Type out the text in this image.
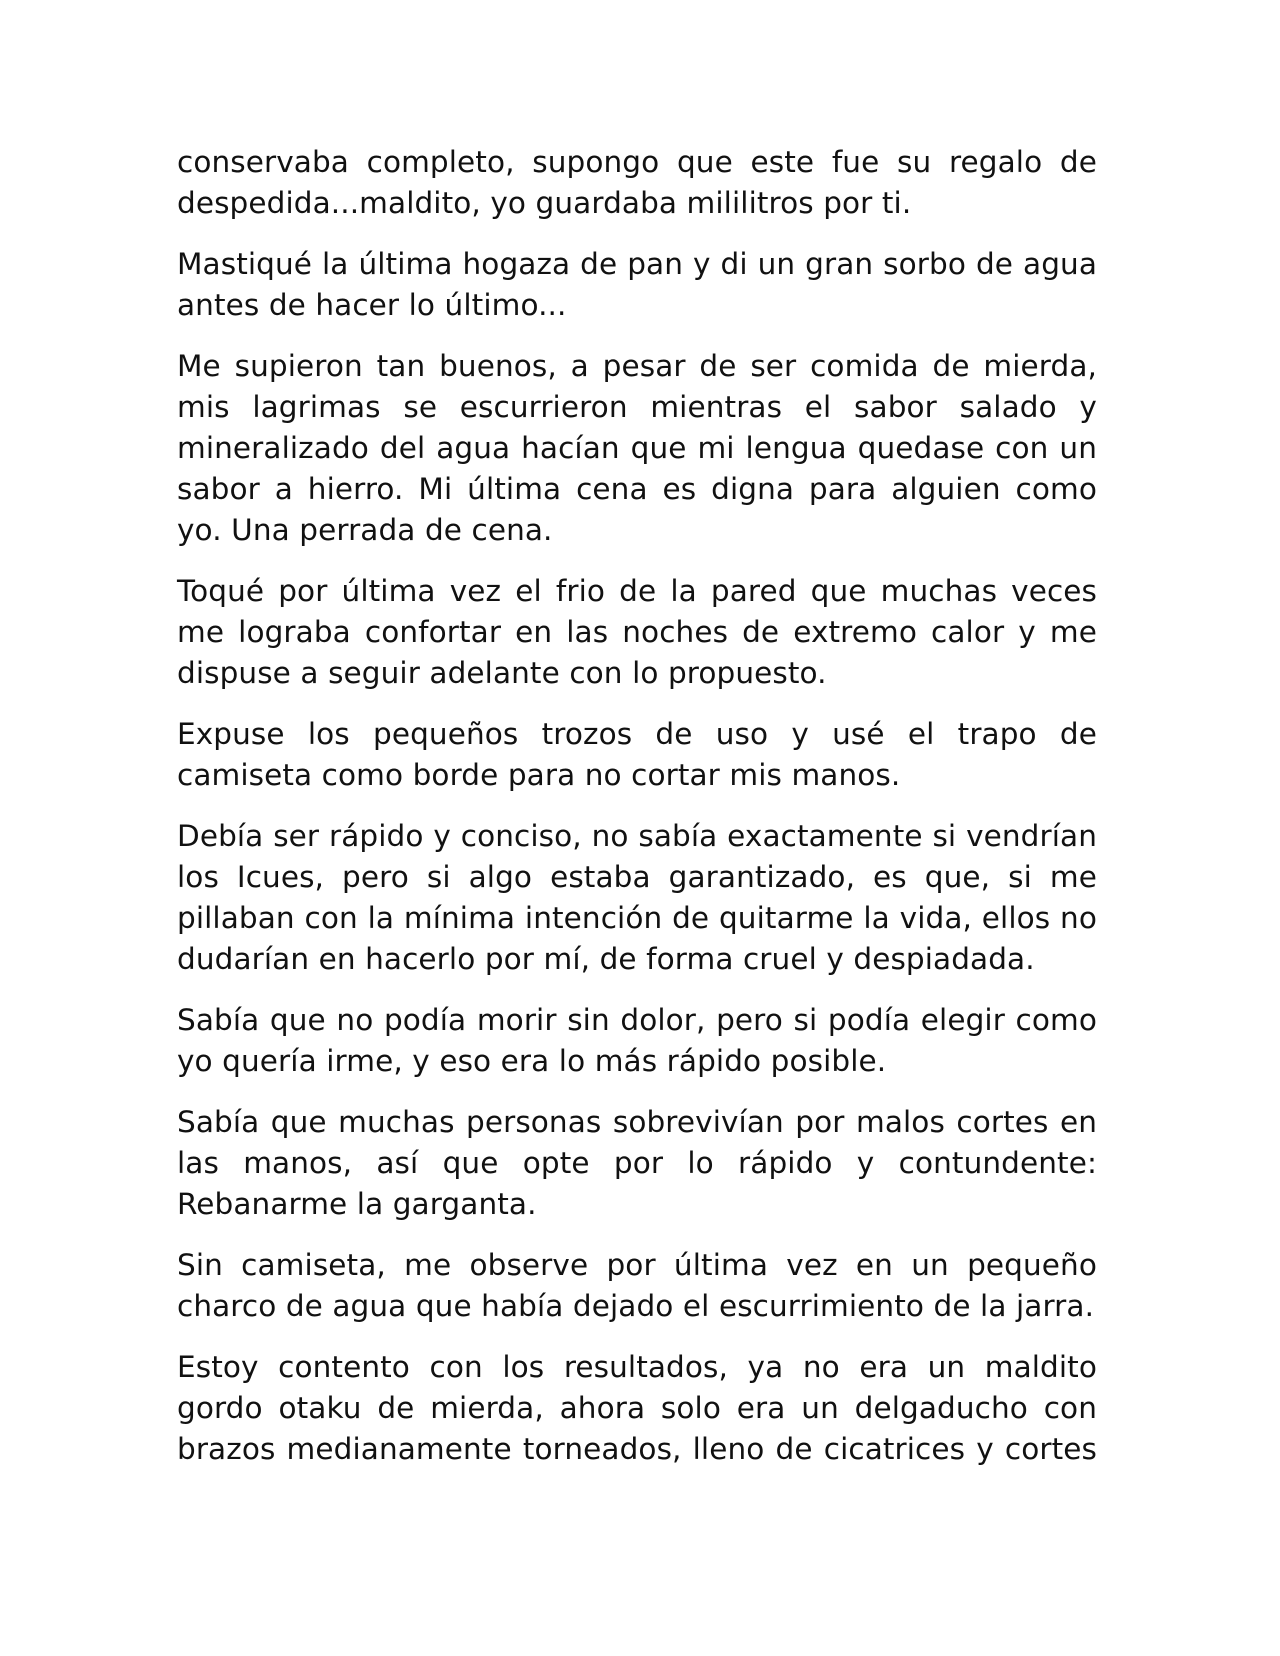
conservaba completo, supongo que este fue su regalo de despedida...maldito, yo guardaba mililitros por ti.

Mastiqué la última hogaza de pan y di un gran sorbo de agua antes de hacer lo último...

Me supieron tan buenos, a pesar de ser comida de mierda, mis lagrimas se escurrieron mientras el sabor salado y mineralizado del agua hacían que mi lengua quedase con un sabor a hierro. Mi última cena es digna para alguien como yo. Una perrada de cena.

Toqué por última vez el frio de la pared que muchas veces me lograba confortar en las noches de extremo calor y me dispuse a seguir adelante con lo propuesto.

Expuse los pequeños trozos de uso y usé el trapo de camiseta como borde para no cortar mis manos.

Debía ser rápido y conciso, no sabía exactamente si vendrían los Icues, pero si algo estaba garantizado, es que, si me pillaban con la mínima intención de quitarme la vida, ellos no dudarían en hacerlo por mí, de forma cruel y despiadada.

Sabía que no podía morir sin dolor, pero si podía elegir como yo quería irme, y eso era lo más rápido posible.

Sabía que muchas personas sobrevivían por malos cortes en las manos, así que opte por lo rápido y contundente: Rebanarme la garganta.

Sin camiseta, me observe por última vez en un pequeño charco de agua que había dejado el escurrimiento de la jarra.

Estoy contento con los resultados, ya no era un maldito gordo otaku de mierda, ahora solo era un delgaducho con brazos medianamente torneados, lleno de cicatrices y cortes
